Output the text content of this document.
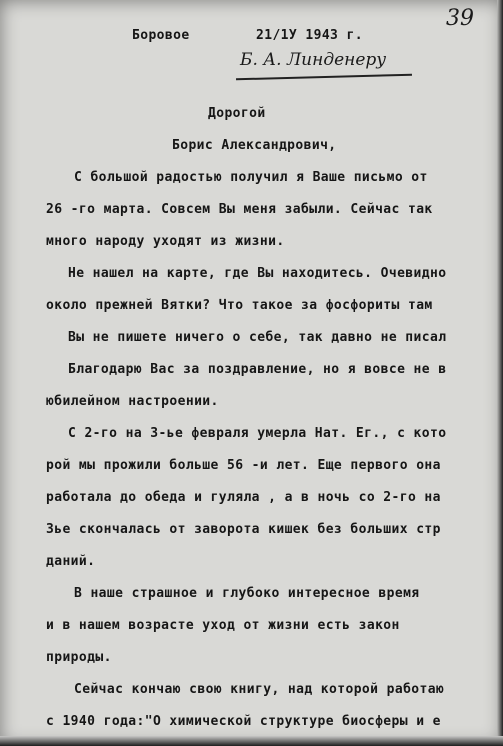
39
Боровое	21/1У 1943 г.
Б. А. Линденеру
Дорогой
Борис Александрович,
С большой радостью получил я Ваше письмо от
26 -го марта. Совсем Вы меня забыли. Сейчас так
много народу уходят из жизни.
Не нашел на карте, где Вы находитесь. Очевидно
около прежней Вятки? Что такое за фосфориты там
Вы не пишете ничего о себе, так давно не писал
Благодарю Вас за поздравление, но я вовсе не в
юбилейном настроении.
С 2-го на 3-ье февраля умерла Нат. Ег., с кото
рой мы прожили больше 56 -и лет. Еще первого она
работала до обеда и гуляла , а в ночь со 2-го на
3ье скончалась от заворота кишек без больших стр
даний.
В наше страшное и глубоко интересное время
и в нашем возрасте уход от жизни есть закон
природы.
Сейчас кончаю свою книгу, над которой работаю
с 1940 года:"О химической структуре биосферы и е
